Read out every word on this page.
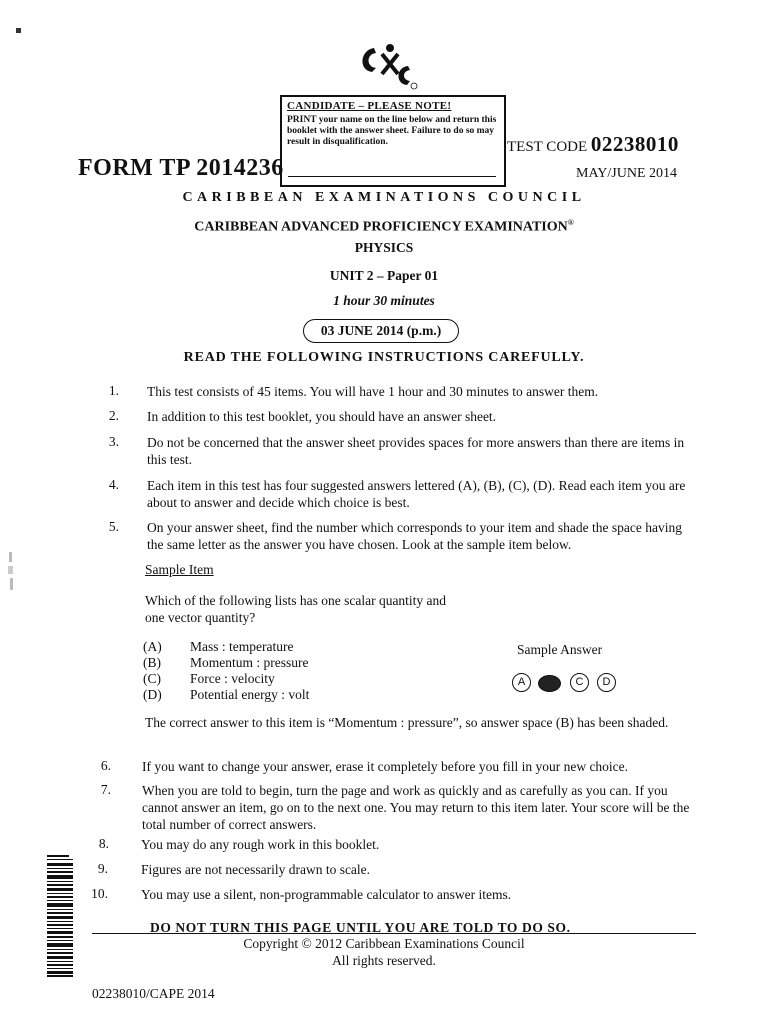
CANDIDATE – PLEASE NOTE!
PRINT your name on the line below and return this booklet with the answer sheet. Failure to do so may result in disqualification.
FORM TP 2014236
TEST CODE 02238010
MAY/JUNE 2014
CARIBBEAN EXAMINATIONS COUNCIL
CARIBBEAN ADVANCED PROFICIENCY EXAMINATION®
PHYSICS
UNIT 2 – Paper 01
1 hour 30 minutes
03 JUNE 2014 (p.m.)
READ THE FOLLOWING INSTRUCTIONS CAREFULLY.
1. This test consists of 45 items. You will have 1 hour and 30 minutes to answer them.
2. In addition to this test booklet, you should have an answer sheet.
3. Do not be concerned that the answer sheet provides spaces for more answers than there are items in this test.
4. Each item in this test has four suggested answers lettered (A), (B), (C), (D). Read each item you are about to answer and decide which choice is best.
5. On your answer sheet, find the number which corresponds to your item and shade the space having the same letter as the answer you have chosen. Look at the sample item below.
Sample Item
Which of the following lists has one scalar quantity and one vector quantity?
(A) Mass : temperature
(B) Momentum : pressure
(C) Force : velocity
(D) Potential energy : volt
Sample Answer
A	C	D
The correct answer to this item is “Momentum : pressure”, so answer space (B) has been shaded.
6. If you want to change your answer, erase it completely before you fill in your new choice.
7. When you are told to begin, turn the page and work as quickly and as carefully as you can. If you cannot answer an item, go on to the next one. You may return to this item later. Your score will be the total number of correct answers.
8. You may do any rough work in this booklet.
9. Figures are not necessarily drawn to scale.
10. You may use a silent, non-programmable calculator to answer items.
DO NOT TURN THIS PAGE UNTIL YOU ARE TOLD TO DO SO.
Copyright © 2012 Caribbean Examinations Council
All rights reserved.
02238010/CAPE 2014
